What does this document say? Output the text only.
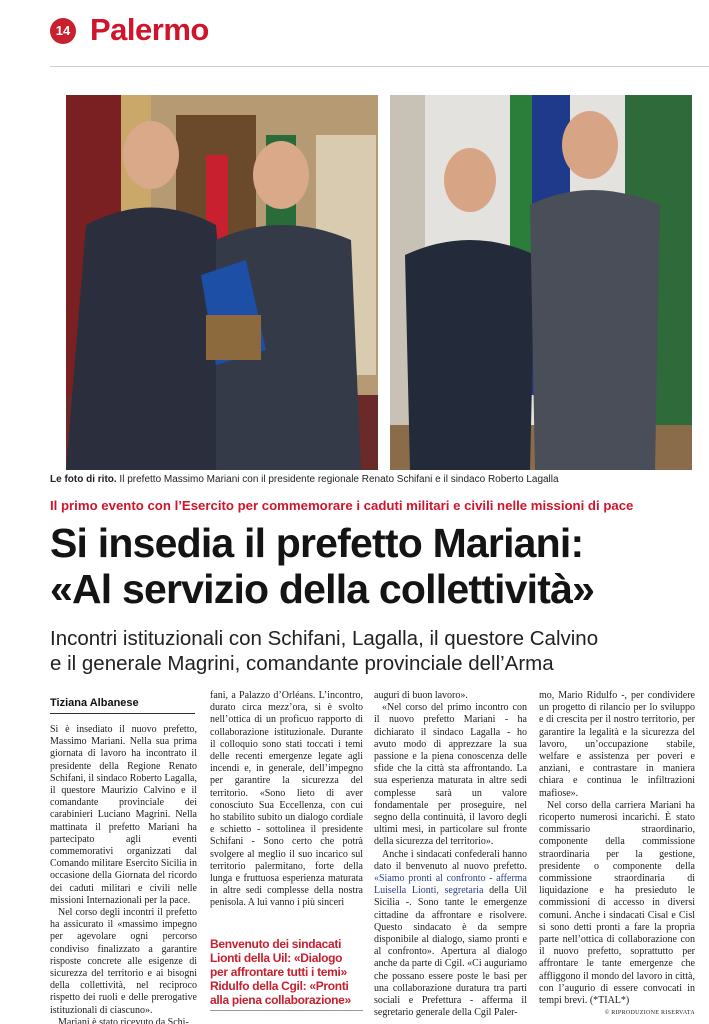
14 Palermo
Le foto di rito. Il prefetto Massimo Mariani con il presidente regionale Renato Schifani e il sindaco Roberto Lagalla
Il primo evento con l’Esercito per commemorare i caduti militari e civili nelle missioni di pace
Si insedia il prefetto Mariani:
«Al servizio della collettività»
Incontri istituzionali con Schifani, Lagalla, il questore Calvino
e il generale Magrini, comandante provinciale dell’Arma
Tiziana Albanese

Si è insediato il nuovo prefetto, Massimo Mariani. Nella sua prima giornata di lavoro ha incontrato il presidente della Regione Renato Schifani, il sindaco Roberto Lagalla, il questore Maurizio Calvino e il comandante provinciale dei carabinieri Luciano Magrini. Nella mattinata il prefetto Mariani ha partecipato agli eventi commemorativi organizzati dal Comando militare Esercito Sicilia in occasione della Giornata del ricordo dei caduti militari e civili nelle missioni Internazionali per la pace.

Nel corso degli incontri il prefetto ha assicurato il «massimo impegno per agevolare ogni percorso condiviso finalizzato a garantire risposte concrete alle esigenze di sicurezza del territorio e ai bisogni della collettività, nel reciproco rispetto dei ruoli e delle prerogative istituzionali di ciascuno».

Mariani è stato ricevuto da Schi-

fani, a Palazzo d’Orléans. L’incontro, durato circa mezz’ora, si è svolto nell’ottica di un proficuo rapporto di collaborazione istituzionale. Durante il colloquio sono stati toccati i temi delle recenti emergenze legate agli incendi e, in generale, dell’impegno per garantire la sicurezza del territorio. «Sono lieto di aver conosciuto Sua Eccellenza, con cui ho stabilito subito un dialogo cordiale e schietto - sottolinea il presidente Schifani - Sono certo che potrà svolgere al meglio il suo incarico sul territorio palermitano, forte della lunga e fruttuosa esperienza maturata in altre sedi complesse della nostra penisola. A lui vanno i più sinceri

Benvenuto dei sindacati
Lionti della Uil: «Dialogo
per affrontare tutti i temi»
Ridulfo della Cgil: «Pronti
alla piena collaborazione»

auguri di buon lavoro».

«Nel corso del primo incontro con il nuovo prefetto Mariani - ha dichiarato il sindaco Lagalla - ho avuto modo di apprezzare la sua passione e la piena conoscenza delle sfide che la città sta affrontando. La sua esperienza maturata in altre sedi complesse sarà un valore fondamentale per proseguire, nel segno della continuità, il lavoro degli ultimi mesi, in particolare sul fronte della sicurezza del territorio».

Anche i sindacati confederali hanno dato il benvenuto al nuovo prefetto. «Siamo pronti al confronto - afferma Luisella Lionti, segretaria della Uil Sicilia -. Sono tante le emergenze cittadine da affrontare e risolvere. Questo sindacato è da sempre disponibile al dialogo, siamo pronti e al confronto». Apertura al dialogo anche da parte di Cgil. «Ci auguriamo che possano essere poste le basi per una collaborazione duratura tra parti sociali e Prefettura - afferma il segretario generale della Cgil Paler-

mo, Mario Ridulfo -, per condividere un progetto di rilancio per lo sviluppo e di crescita per il nostro territorio, per garantire la legalità e la sicurezza del lavoro, un’occupazione stabile, welfare e assistenza per poveri e anziani, e contrastare in maniera chiara e continua le infiltrazioni mafiose».

Nel corso della carriera Mariani ha ricoperto numerosi incarichi. È stato commissario straordinario, componente della commissione straordinaria per la gestione, presidente o componente della commissione straordinaria di liquidazione e ha presieduto le commissioni di accesso in diversi comuni. Anche i sindacati Cisal e Cisl si sono detti pronti a fare la propria parte nell’ottica di collaborazione con il nuovo prefetto, soprattutto per affrontare le tante emergenze che affliggono il mondo del lavoro in città, con l’augurio di essere convocati in tempi brevi. (*TIAL*)

© RIPRODUZIONE RISERVATA
